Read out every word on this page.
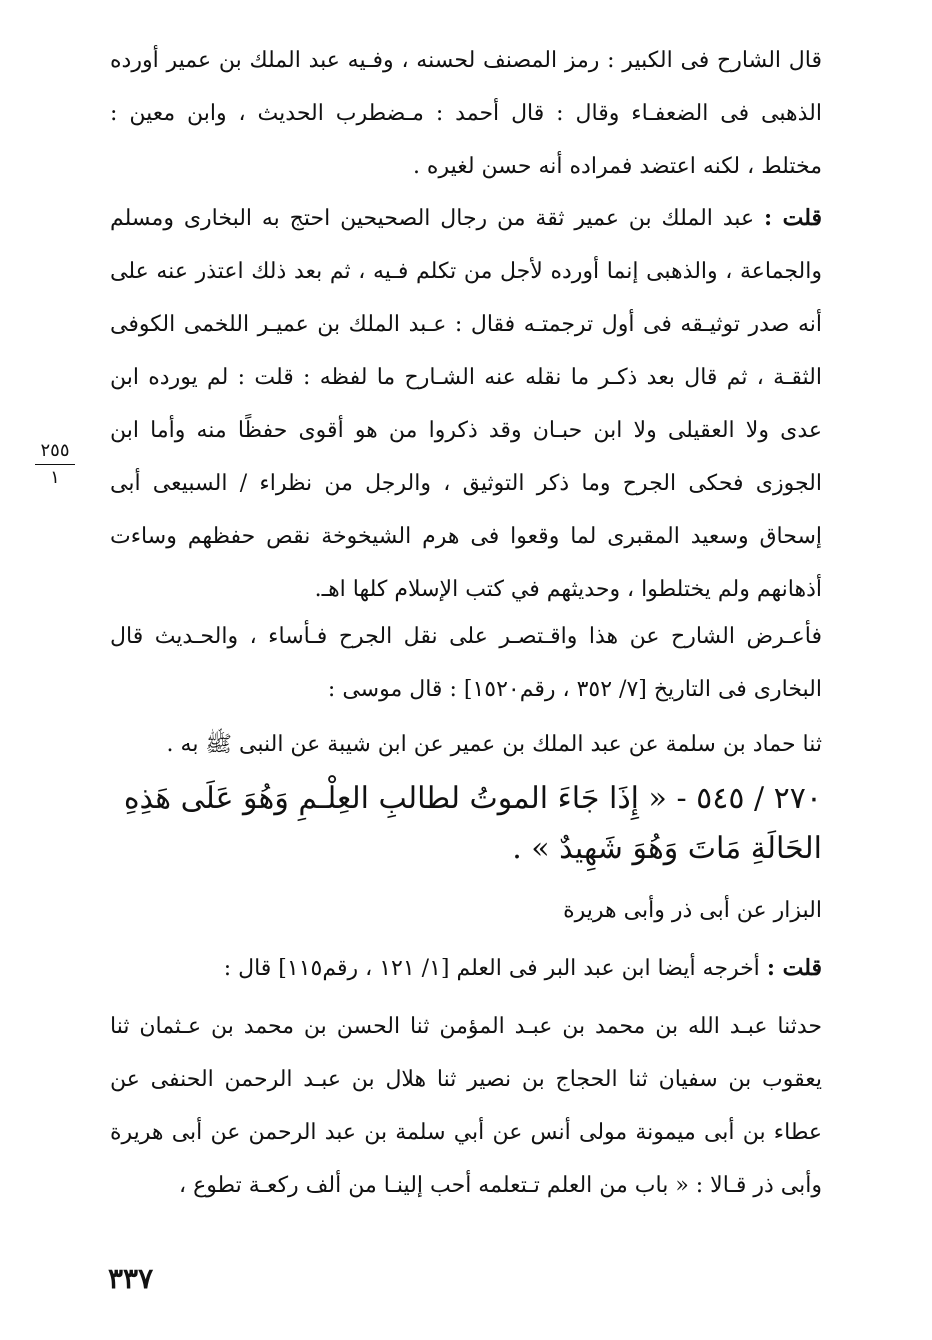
قال الشارح فى الكبير : رمز المصنف لحسنه ، وفـيه عبد الملك بن عمير أورده الذهبى فى الضعفـاء وقال : قال أحمد : مـضطرب الحديث ، وابن معين : مختلط ، لكنه اعتضد فمراده أنه حسن لغيره .

قلت : عبد الملك بن عمير ثقة من رجال الصحيحين احتج به البخارى ومسلم والجماعة ، والذهبى إنما أورده لأجل من تكلم فـيه ، ثم بعد ذلك اعتذر عنه على أنه صدر توثيـقه فى أول ترجمتـه فقال : عـبد الملك بن عميـر اللخمى الكوفى الثقـة ، ثم قال بعد ذكـر ما نقله عنه الشـارح ما لفظه : قلت : لم يورده ابن عدى ولا العقيلى ولا ابن حبـان وقد ذكروا من هو أقوى حفظًا منه وأما ابن الجوزى فحكى الجرح وما ذكر التوثيق ، والرجل من نظراء / السبيعى أبى إسحاق وسعيد المقبرى لما وقعوا فى هرم الشيخوخة نقص حفظهم وساءت أذهانهم ولم يختلطوا ، وحديثهم في كتب الإسلام كلها اهـ.

فأعـرض الشارح عن هذا واقـتصـر على نقل الجرح فـأساء ، والحـديث قال البخارى فى التاريخ [٧/ ٣٥٢ ، رقم١٥٢٠] : قال موسى :

ثنا حماد بن سلمة عن عبد الملك بن عمير عن ابن شيبة عن النبى ﷺ به .

٢٧٠ / ٥٤٥ - « إِذَا جَاءَ الموتُ لطالبِ العِلْـمِ وَهُوَ عَلَى هَذِهِ الحَالَةِ مَاتَ وَهُوَ شَهِيدٌ » .

البزار عن أبى ذر وأبى هريرة

قلت : أخرجه أيضا ابن عبد البر فى العلم [١/ ١٢١ ، رقم١١٥] قال :

حدثنا عبـد الله بن محمد بن عبـد المؤمن ثنا الحسن بن محمد بن عـثمان ثنا يعقوب بن سفيان ثنا الحجاج بن نصير ثنا هلال بن عبـد الرحمن الحنفى عن عطاء بن أبى ميمونة مولى أنس عن أبي سلمة بن عبد الرحمن عن أبى هريرة وأبى ذر قـالا : « باب من العلم تـتعلمه أحب إلينـا من ألف ركعـة تطوع ،

٢٥٥
١
٣٣٧
